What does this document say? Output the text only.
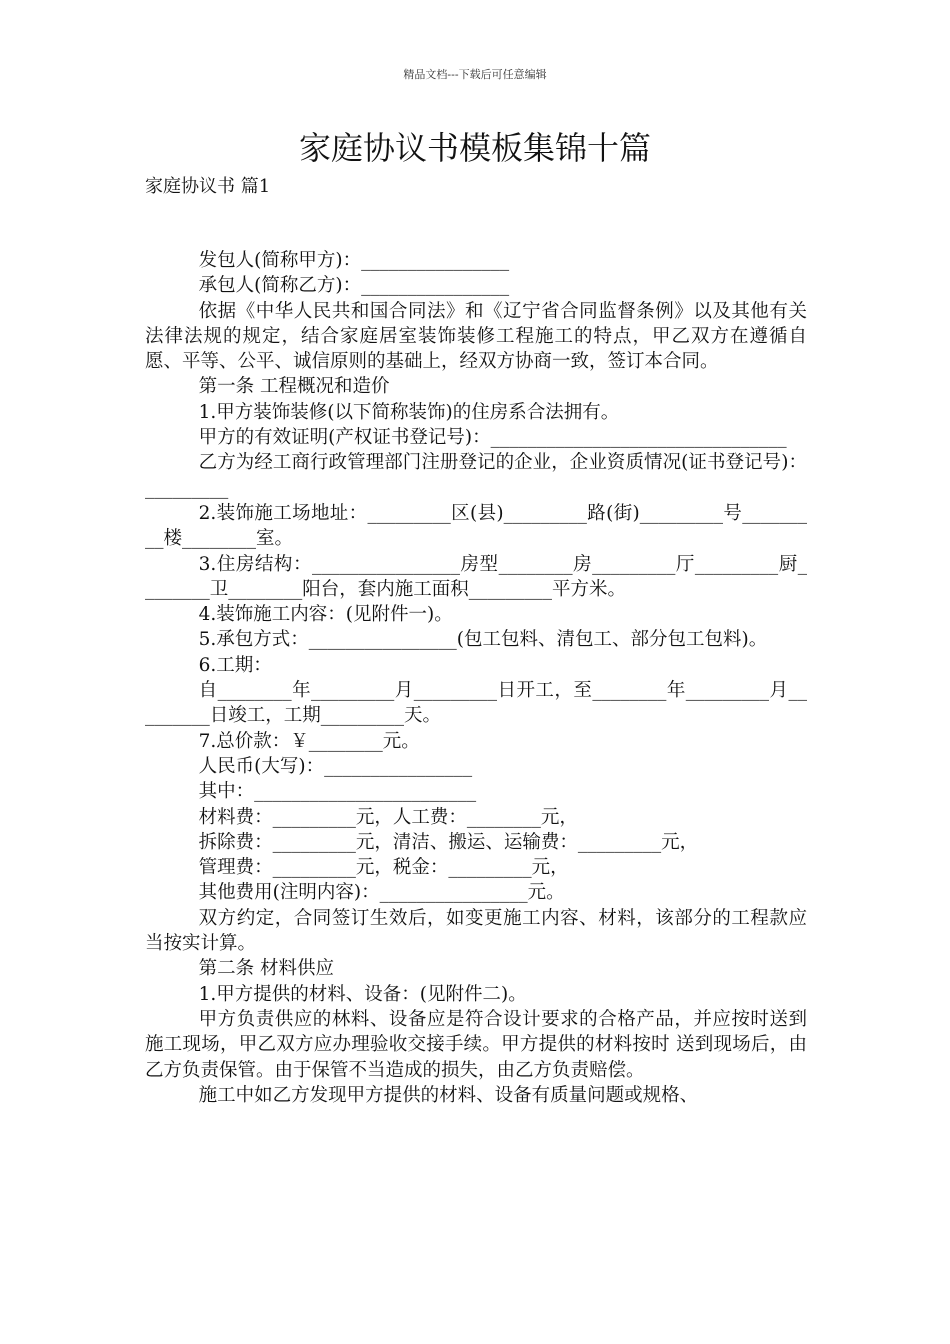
精品文档---下载后可任意编辑
家庭协议书模板集锦十篇
家庭协议书 篇1

发包人(简称甲方)：________________

承包人(简称乙方)：________________

依据《中华人民共和国合同法》和《辽宁省合同监督条例》以及其他有关法律法规的规定，结合家庭居室装饰装修工程施工的特点，甲乙双方在遵循自愿、平等、公平、诚信原则的基础上，经双方协商一致，签订本合同。

第一条 工程概况和造价

1.甲方装饰装修(以下简称装饰)的住房系合法拥有。

甲方的有效证明(产权证书登记号)：________________________________

乙方为经工商行政管理部门注册登记的企业，企业资质情况(证书登记号)：_________

2.装饰施工场地址：_________区(县)_________路(街)_________号_________楼________室。

3.住房结构：________________房型________房_________厅_________厨________卫________阳台，套内施工面积_________平方米。

4.装饰施工内容：(见附件一)。

5.承包方式：________________(包工包料、清包工、部分包工包料)。

6.工期：

自________年_________月_________日开工，至________年_________月_________日竣工，工期_________天。

7.总价款：￥________元。

人民币(大写)：________________

其中：________________________

材料费：_________元，人工费：________元，

拆除费：_________元，清洁、搬运、运输费：_________元，

管理费：_________元，税金：_________元，

其他费用(注明内容)：________________元。

双方约定，合同签订生效后，如变更施工内容、材料，该部分的工程款应当按实计算。

第二条 材料供应

1.甲方提供的材料、设备：(见附件二)。

甲方负责供应的林料、设备应是符合设计要求的合格产品，并应按时送到施工现场，甲乙双方应办理验收交接手续。甲方提供的材料按时 送到现场后，由乙方负责保管。由于保管不当造成的损失，由乙方负责赔偿。

施工中如乙方发现甲方提供的材料、设备有质量问题或规格、
